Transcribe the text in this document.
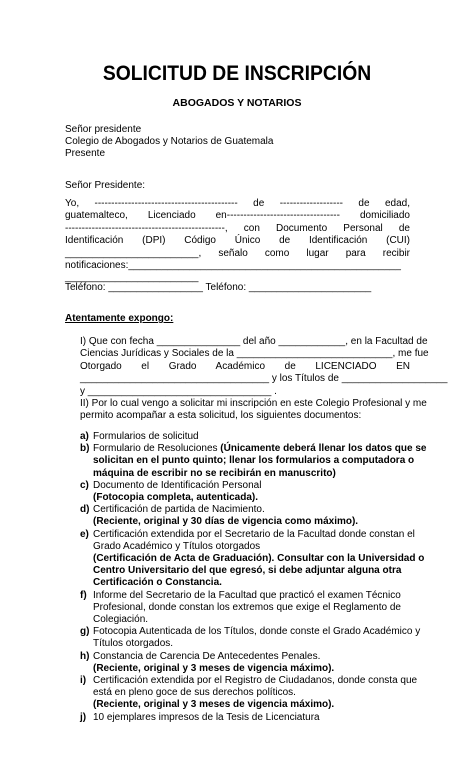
SOLICITUD DE INSCRIPCIÓN
ABOGADOS Y NOTARIOS
Señor presidente
Colegio de Abogados y Notarios de Guatemala
Presente
Señor Presidente:
Yo, ------------------------------------------- de ------------------- de edad,
guatemalteco, Licenciado en---------------------------------- domiciliado
------------------------------------------------, con Documento Personal de
Identificación (DPI) Código Único de Identificación (CUI)
________________________, señalo como lugar para recibir
notificaciones:_________________________________________________
________________________
Teléfono: _________________ Teléfono: ______________________
Atentamente expongo:
I) Que con fecha _______________ del año ____________, en la Facultad de
Ciencias Jurídicas y Sociales de la ____________________________, me fue
Otorgado el Grado Académico de LICENCIADO EN
__________________________________ y los Títulos de ___________________
y _________________________________ .
II) Por lo cual vengo a solicitar mi inscripción en este Colegio Profesional y me
permito acompañar a esta solicitud, los siguientes documentos:
a) Formularios de solicitud
b) Formulario de Resoluciones (Únicamente deberá llenar los datos que se
solicitan en el punto quinto; llenar los formularios a computadora o
máquina de escribir no se recibirán en manuscrito)
c) Documento de Identificación Personal
(Fotocopia completa, autenticada).
d) Certificación de partida de Nacimiento.
(Reciente, original y 30 días de vigencia como máximo).
e) Certificación extendida por el Secretario de la Facultad donde constan el
Grado Académico y Títulos otorgados
(Certificación de Acta de Graduación). Consultar con la Universidad o
Centro Universitario del que egresó, si debe adjuntar alguna otra
Certificación o Constancia.
f) Informe del Secretario de la Facultad que practicó el examen Técnico
Profesional, donde constan los extremos que exige el Reglamento de
Colegiación.
g) Fotocopia Autenticada de los Títulos, donde conste el Grado Académico y
Títulos otorgados.
h) Constancia de Carencia De Antecedentes Penales.
(Reciente, original y 3 meses de vigencia máximo).
i) Certificación extendida por el Registro de Ciudadanos, donde consta que
está en pleno goce de sus derechos políticos.
(Reciente, original y 3 meses de vigencia máximo).
j) 10 ejemplares impresos de la Tesis de Licenciatura
